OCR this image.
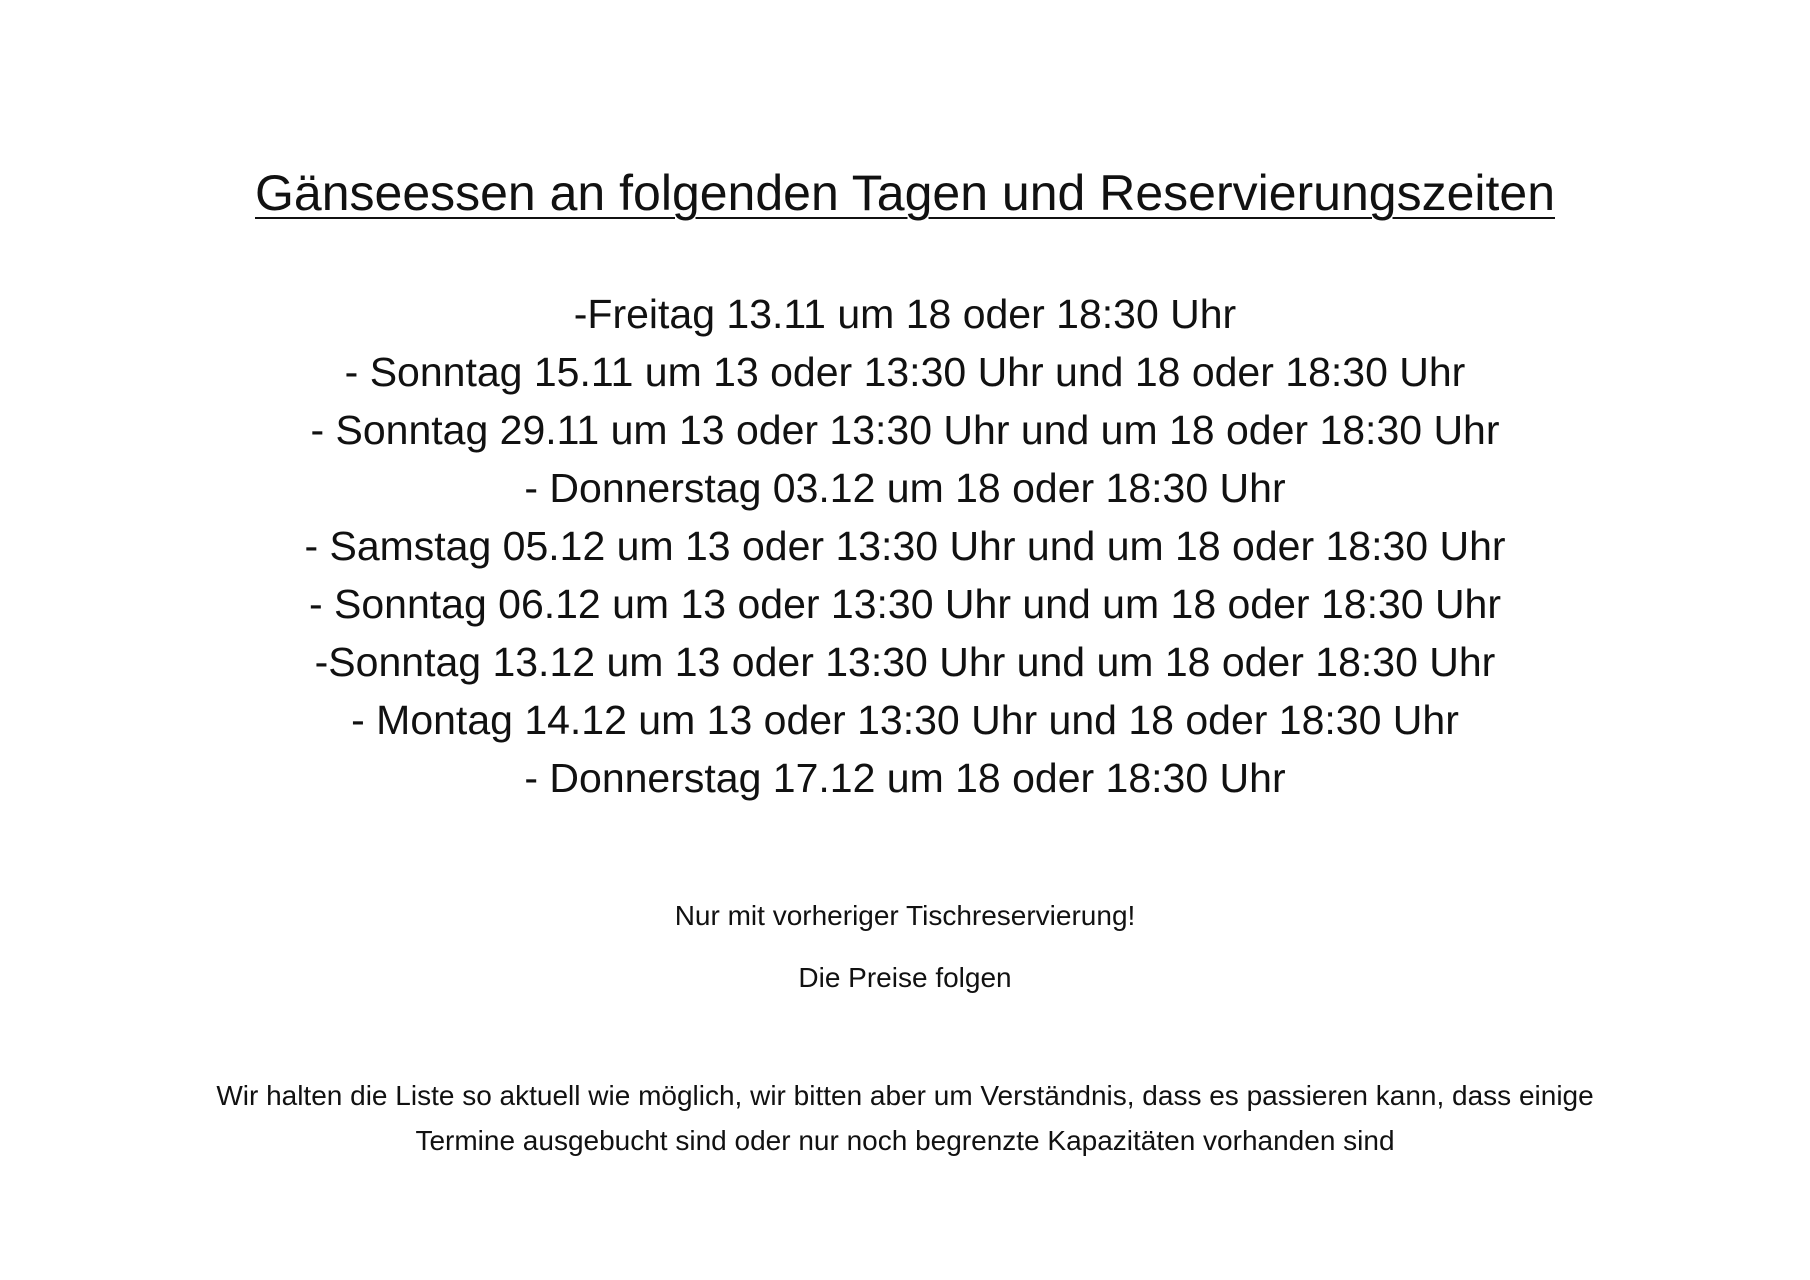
Gänseessen an folgenden Tagen und Reservierungszeiten
-Freitag 13.11 um 18 oder 18:30 Uhr
- Sonntag 15.11 um 13 oder 13:30 Uhr und 18 oder 18:30 Uhr
- Sonntag 29.11 um 13 oder 13:30 Uhr und um 18 oder 18:30 Uhr
- Donnerstag 03.12 um 18 oder 18:30 Uhr
- Samstag 05.12 um 13 oder 13:30 Uhr und um 18 oder 18:30 Uhr
- Sonntag 06.12 um 13 oder 13:30 Uhr und um 18 oder 18:30 Uhr
-Sonntag 13.12 um 13 oder 13:30 Uhr und um 18 oder 18:30 Uhr
- Montag 14.12 um 13 oder 13:30 Uhr und 18 oder 18:30 Uhr
- Donnerstag 17.12 um 18 oder 18:30 Uhr
Nur mit vorheriger Tischreservierung!
Die Preise folgen
Wir halten die Liste so aktuell wie möglich, wir bitten aber um Verständnis, dass es passieren kann, dass einige
Termine ausgebucht sind oder nur noch begrenzte Kapazitäten vorhanden sind
